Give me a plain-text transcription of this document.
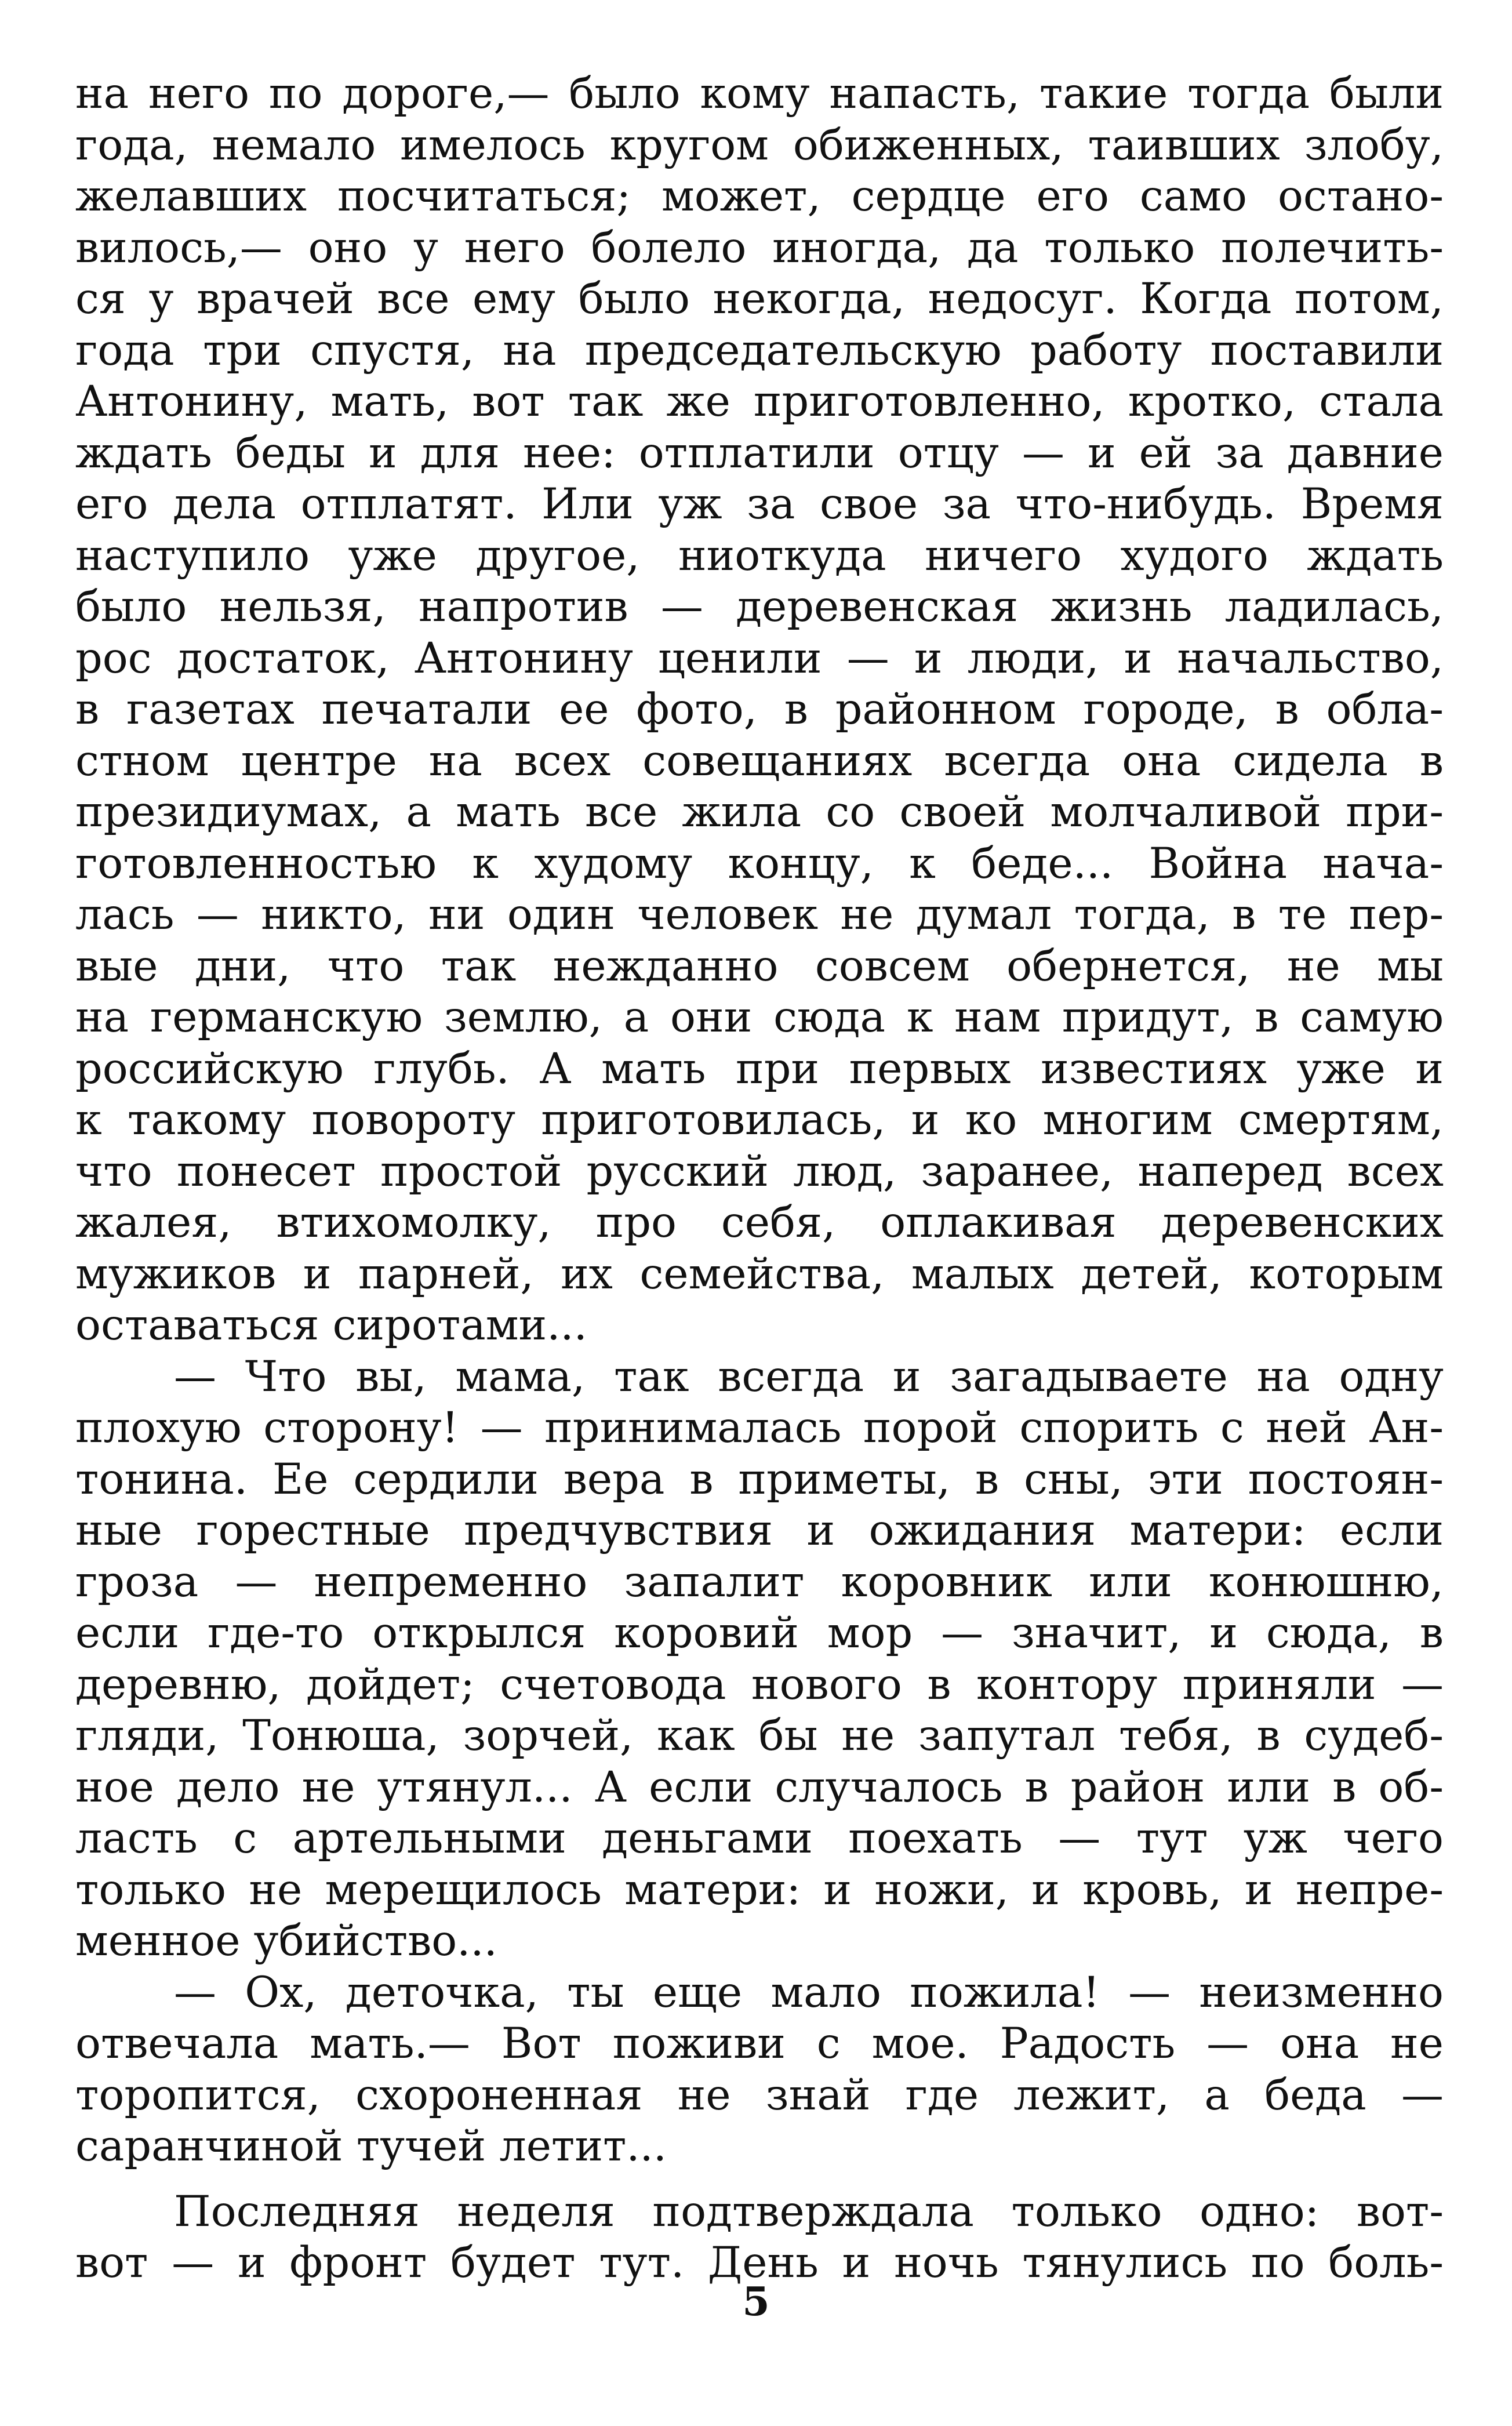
на него по дороге,— было кому напасть, такие тогда были
года, немало имелось кругом обиженных, таивших злобу,
желавших посчитаться; может, сердце его само остано-
вилось,— оно у него болело иногда, да только полечить-
ся у врачей все ему было некогда, недосуг. Когда потом,
года три спустя, на председательскую работу поставили
Антонину, мать, вот так же приготовленно, кротко, стала
ждать беды и для нее: отплатили отцу — и ей за давние
его дела отплатят. Или уж за свое за что-нибудь. Время
наступило уже другое, ниоткуда ничего худого ждать
было нельзя, напротив — деревенская жизнь ладилась,
рос достаток, Антонину ценили — и люди, и начальство,
в газетах печатали ее фото, в районном городе, в обла-
стном центре на всех совещаниях всегда она сидела в
президиумах, а мать все жила со своей молчаливой при-
готовленностью к худому концу, к беде... Война нача-
лась — никто, ни один человек не думал тогда, в те пер-
вые дни, что так нежданно совсем обернется, не мы
на германскую землю, а они сюда к нам придут, в самую
российскую глубь. А мать при первых известиях уже и
к такому повороту приготовилась, и ко многим смертям,
что понесет простой русский люд, заранее, наперед всех
жалея, втихомолку, про себя, оплакивая деревенских
мужиков и парней, их семейства, малых детей, которым
оставаться сиротами...
— Что вы, мама, так всегда и загадываете на одну
плохую сторону! — принималась порой спорить с ней Ан-
тонина. Ее сердили вера в приметы, в сны, эти постоян-
ные горестные предчувствия и ожидания матери: если
гроза — непременно запалит коровник или конюшню,
если где-то открылся коровий мор — значит, и сюда, в
деревню, дойдет; счетовода нового в контору приняли —
гляди, Тонюша, зорчей, как бы не запутал тебя, в судеб-
ное дело не утянул... А если случалось в район или в об-
ласть с артельными деньгами поехать — тут уж чего
только не мерещилось матери: и ножи, и кровь, и непре-
менное убийство...
— Ох, деточка, ты еще мало пожила! — неизменно
отвечала мать.— Вот поживи с мое. Радость — она не
торопится, схороненная не знай где лежит, а беда —
саранчиной тучей летит...
Последняя неделя подтверждала только одно: вот-
вот — и фронт будет тут. День и ночь тянулись по боль-
5
